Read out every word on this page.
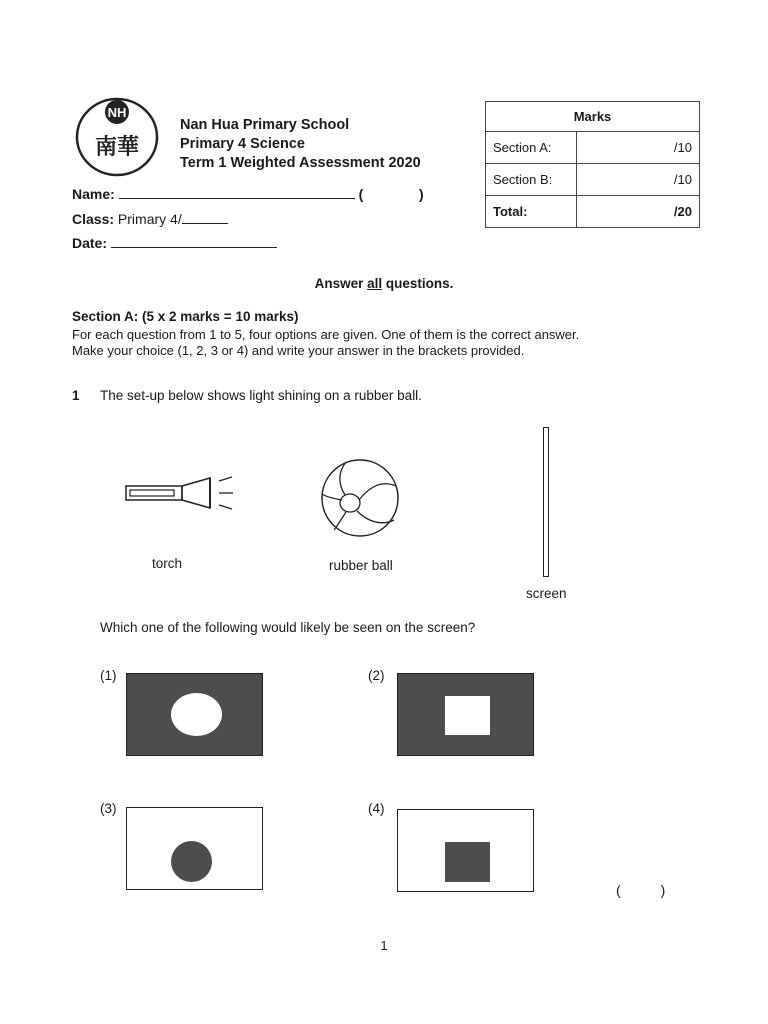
NH
南華
Nan Hua Primary School
Primary 4 Science
Term 1 Weighted Assessment 2020
Name:	(	)
Class: Primary 4/
Date:
Marks	
Section A:	/10
Section B:	/10
Total:	/20
Answer all questions.
Section A: (5 x 2 marks = 10 marks)
For each question from 1 to 5, four options are given. One of them is the correct answer.
Make your choice (1, 2, 3 or 4) and write your answer in the brackets provided.
1 The set-up below shows light shining on a rubber ball.
torch	rubber ball
screen
Which one of the following would likely be seen on the screen?
(1)	(2)
(3)	(4)
(	)
1
